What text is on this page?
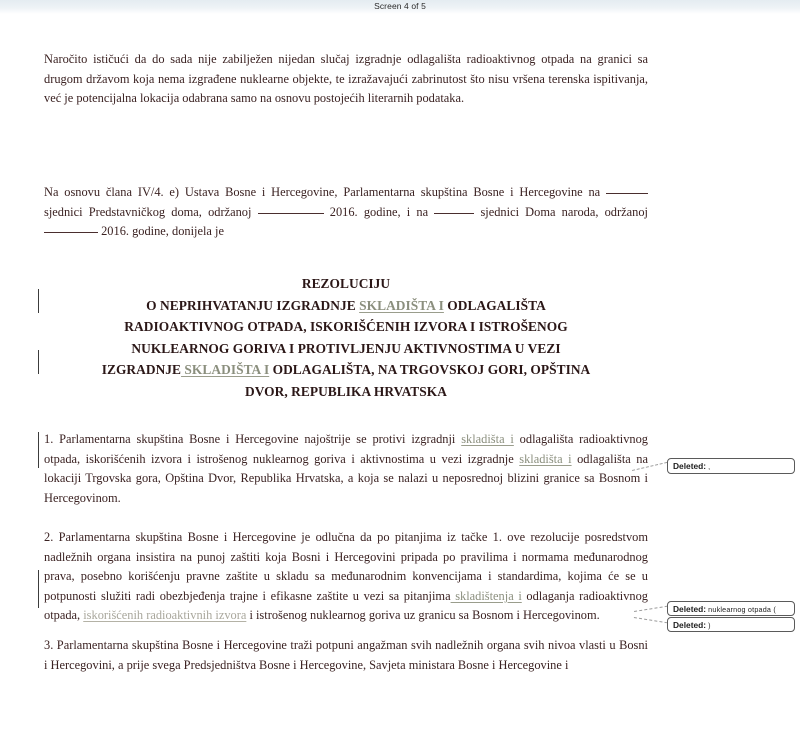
Screen 4 of 5

Naročito ističući da do sada nije zabilježen nijedan slučaj izgradnje odlagališta radioaktivnog otpada na granici sa drugom državom koja nema izgrađene nuklearne objekte, te izražavajući zabrinutost što nisu vršena terenska ispitivanja, već je potencijalna lokacija odabrana samo na osnovu postojećih literarnih podataka.

Na osnovu člana IV/4. e) Ustava Bosne i Hercegovine, Parlamentarna skupština Bosne i Hercegovine na  sjednici Predstavničkog doma, održanoj	2016. godine, i na	sjednici Doma naroda, održanoj  2016. godine, donijela je

REZOLUCIJU
O NEPRIHVATANJU IZGRADNJE SKLADIŠTA I ODLAGALIŠTA
RADIOAKTIVNOG OTPADA, ISKORIŠĆENIH IZVORA I ISTROŠENOG
NUKLEARNOG GORIVA I PROTIVLJENJU AKTIVNOSTIMA U VEZI
IZGRADNJE SKLADIŠTA I ODLAGALIŠTA, NA TRGOVSKOJ GORI, OPŠTINA
DVOR, REPUBLIKA HRVATSKA

1. Parlamentarna skupština Bosne i Hercegovine najoštrije se protivi izgradnji skladišta i odlagališta radioaktivnog otpada, iskorišćenih izvora i istrošenog nuklearnog goriva i aktivnostima u vezi izgradnje skladišta i odlagališta na lokaciji Trgovska gora, Opština Dvor, Republika Hrvatska, a koja se nalazi u neposrednoj blizini granice sa Bosnom i Hercegovinom.

2. Parlamentarna skupština Bosne i Hercegovine je odlučna da po pitanjima iz tačke 1. ove rezolucije posredstvom nadležnih organa insistira na punoj zaštiti koja Bosni i Hercegovini pripada po pravilima i normama međunarodnog prava, posebno korišćenju pravne zaštite u skladu sa međunarodnim konvencijama i standardima, kojima će se u potpunosti služiti radi obezbjeđenja trajne i efikasne zaštite u vezi sa pitanjima skladištenja i odlaganja radioaktivnog otpada, iskorišćenih radioaktivnih izvora i istrošenog nuklearnog goriva uz granicu sa Bosnom i Hercegovinom.

3. Parlamentarna skupština Bosne i Hercegovine traži potpuni angažman svih nadležnih organa svih nivoa vlasti u Bosni i Hercegovini, a prije svega Predsjedništva Bosne i Hercegovine, Savjeta ministara Bosne i Hercegovine i

Deleted: ,
Deleted: nuklearnog otpada (
Deleted: )
